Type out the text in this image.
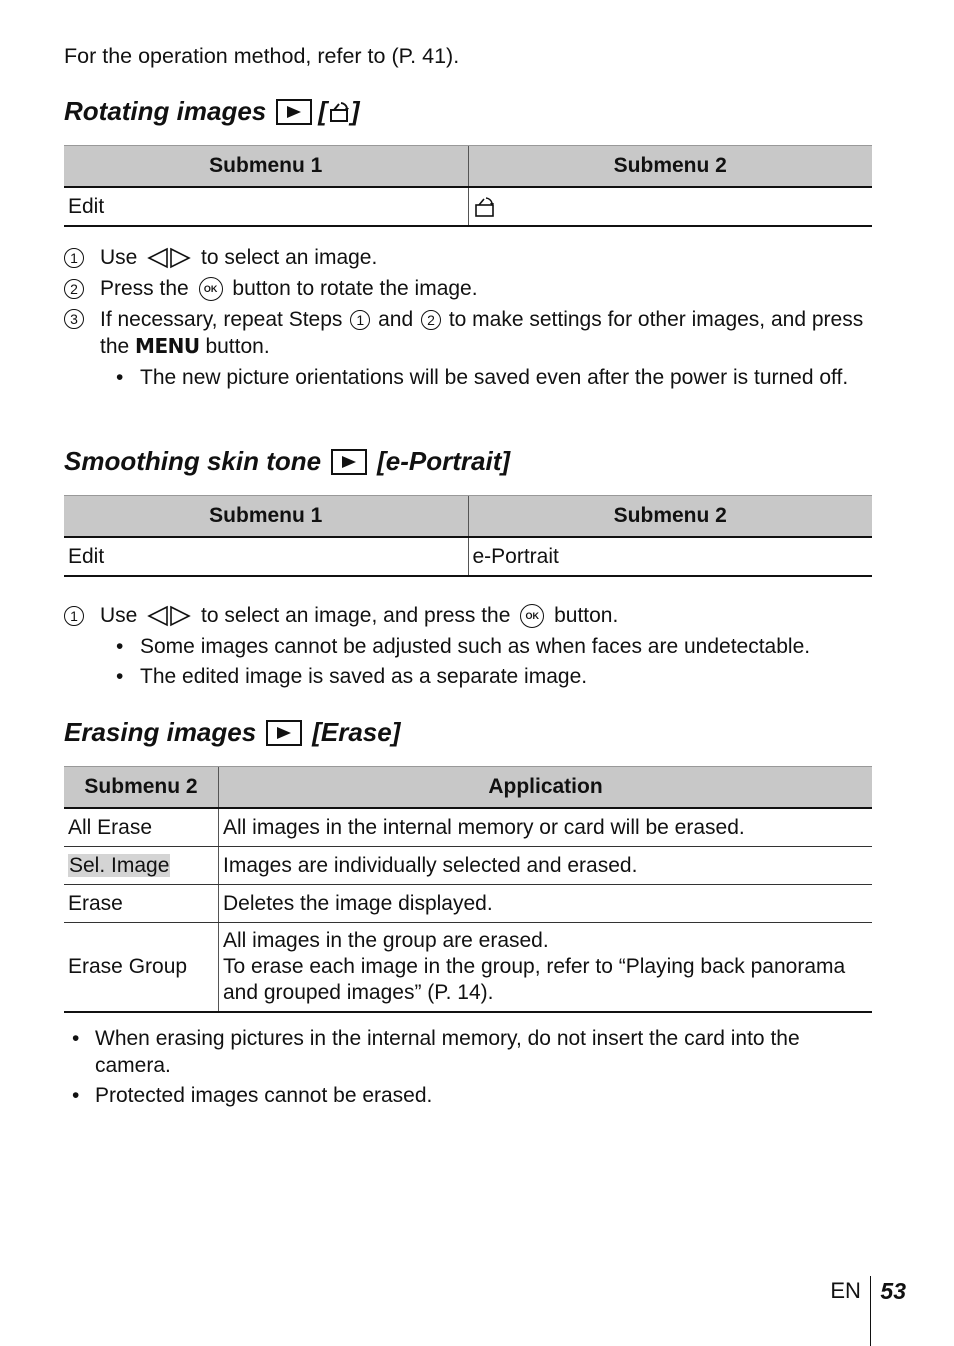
For the operation method, refer to (P. 41).
Rotating images [ ]
Submenu 1	Submenu 2
Edit	
1 Use	to select an image.
2 Press the OK button to rotate the image.
3 If necessary, repeat Steps 1 and 2 to make settings for other images, and press the MENU button.
• The new picture orientations will be saved even after the power is turned off.
Smoothing skin tone [e-Portrait]
Submenu 1	Submenu 2
Edit	e-Portrait
1 Use	to select an image, and press the OK button.
• Some images cannot be adjusted such as when faces are undetectable.
• The edited image is saved as a separate image.
Erasing images [Erase]
Submenu 2	Application
All Erase	All images in the internal memory or card will be erased.
Sel. Image	Images are individually selected and erased.
Erase	Deletes the image displayed.
Erase Group	All images in the group are erased.
To erase each image in the group, refer to “Playing back panorama and grouped images” (P. 14).
• When erasing pictures in the internal memory, do not insert the card into the camera.
• Protected images cannot be erased.
EN 53
